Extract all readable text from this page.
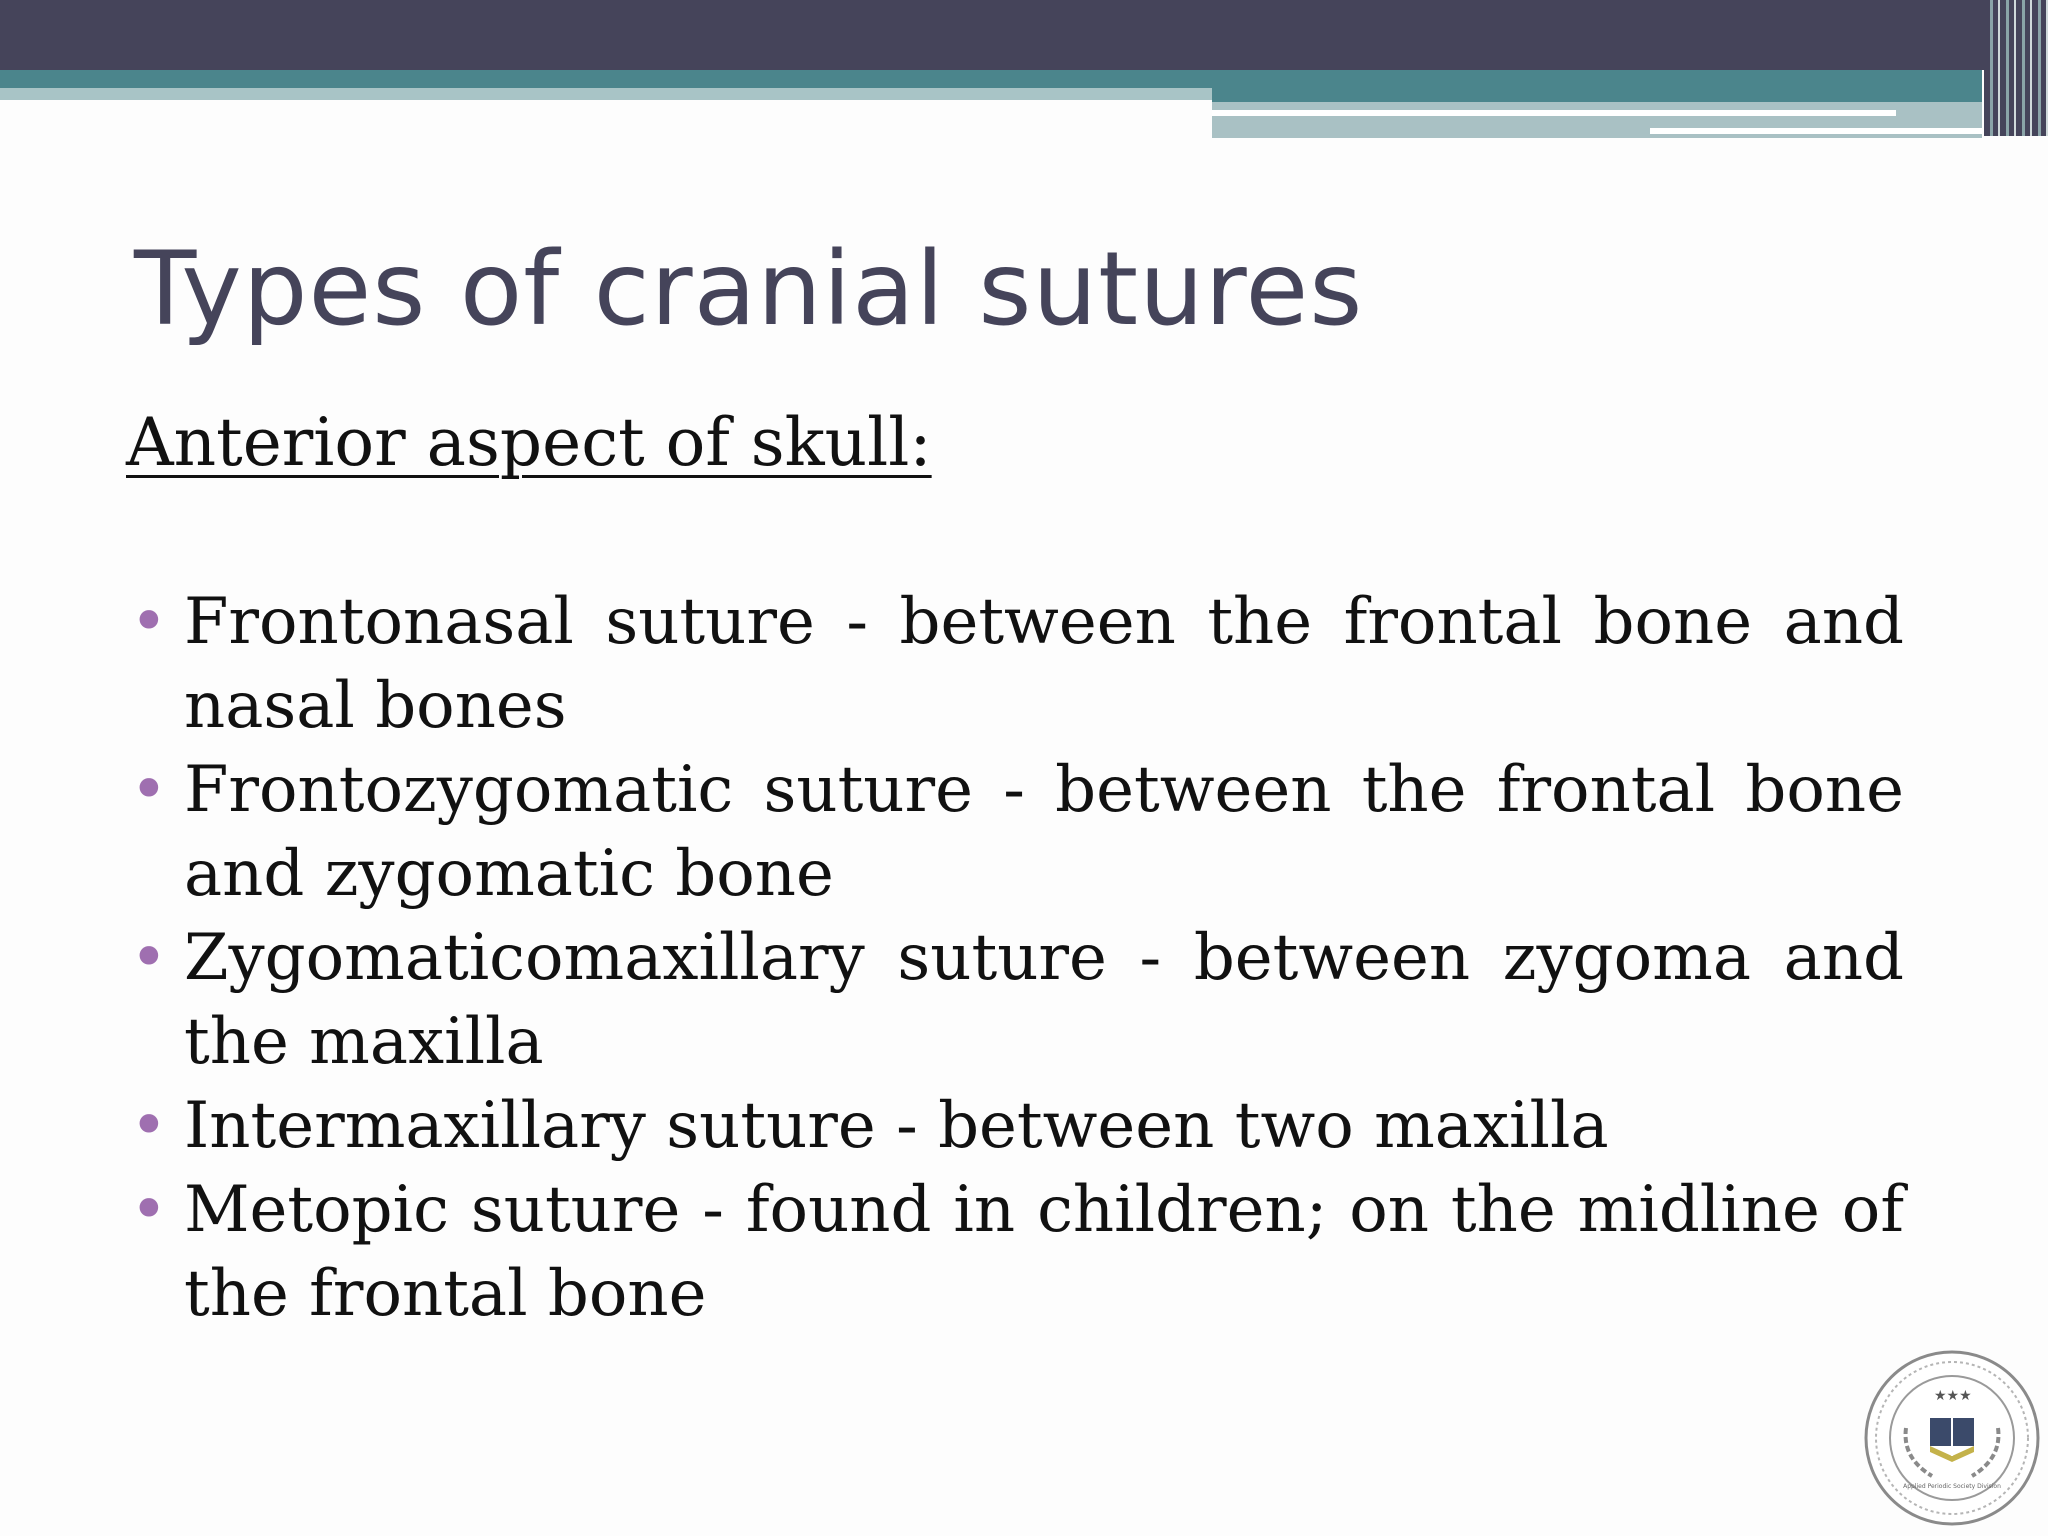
Types of cranial sutures
Anterior aspect of skull:
• Frontonasal suture - between the frontal bone and nasal bones
• Frontozygomatic suture - between the frontal bone and zygomatic bone
• Zygomaticomaxillary suture - between zygoma and the maxilla
• Intermaxillary suture - between two maxilla
• Metopic suture - found in children; on the midline of the frontal bone
★★★
Applied Periodic Society Division
